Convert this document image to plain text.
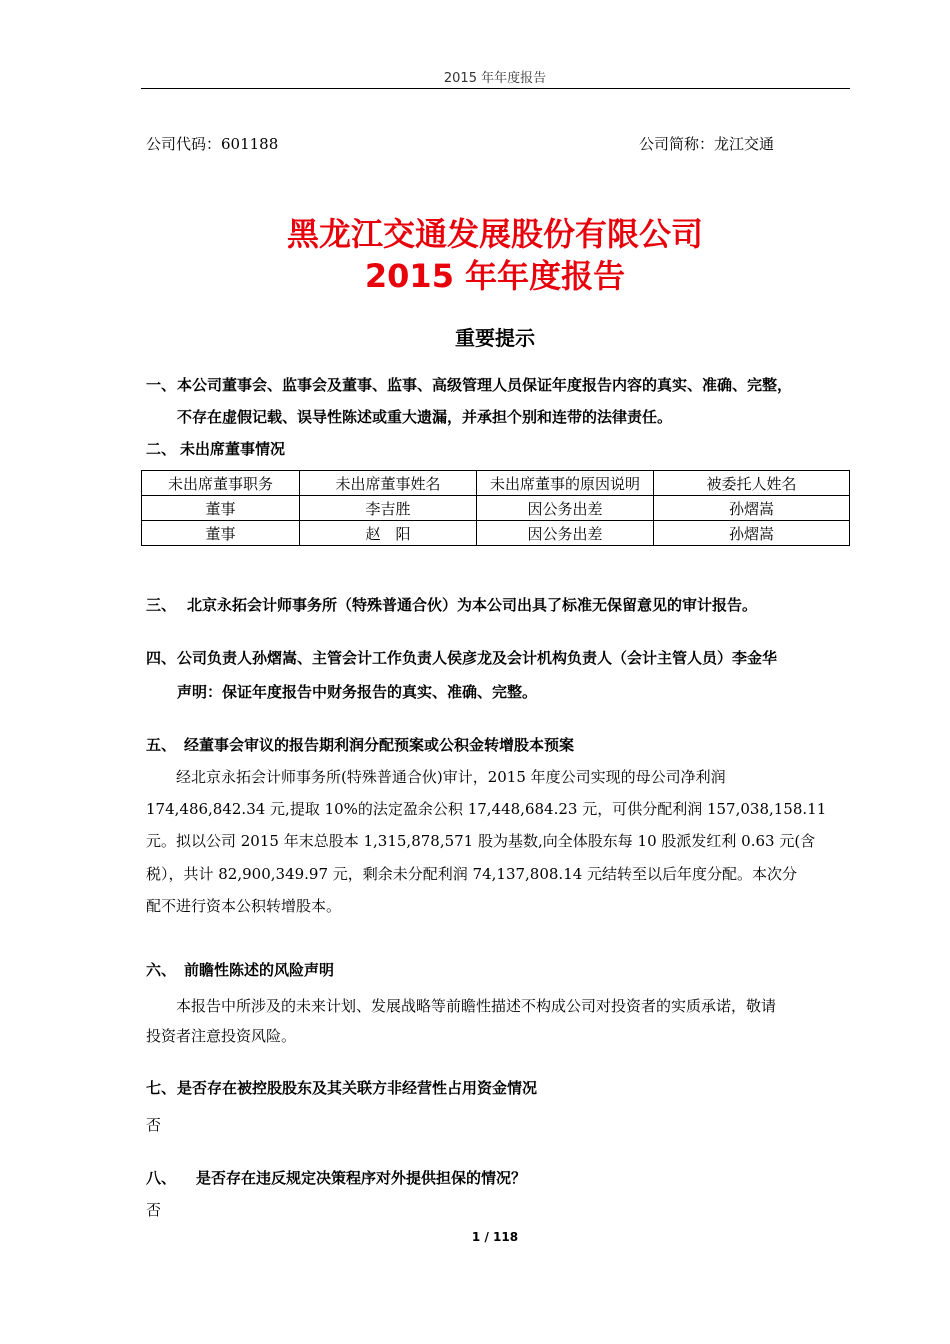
2015 年年度报告
公司代码：601188	公司简称：龙江交通
黑龙江交通发展股份有限公司
2015 年年度报告
重要提示
一、 本公司董事会、监事会及董事、监事、高级管理人员保证年度报告内容的真实、准确、完整，
不存在虚假记载、误导性陈述或重大遗漏，并承担个别和连带的法律责任。
二、 未出席董事情况
未出席董事职务	未出席董事姓名	未出席董事的原因说明	被委托人姓名
董事	李吉胜	因公务出差	孙熠嵩
董事	赵　阳	因公务出差	孙熠嵩
三、 北京永拓会计师事务所（特殊普通合伙）为本公司出具了标准无保留意见的审计报告。
四、 公司负责人孙熠嵩、主管会计工作负责人侯彦龙及会计机构负责人（会计主管人员）李金华
声明：保证年度报告中财务报告的真实、准确、完整。
五、 经董事会审议的报告期利润分配预案或公积金转增股本预案
经北京永拓会计师事务所(特殊普通合伙)审计，2015 年度公司实现的母公司净利润
174,486,842.34 元,提取 10%的法定盈余公积 17,448,684.23 元，可供分配利润 157,038,158.11
元。拟以公司 2015 年末总股本 1,315,878,571 股为基数,向全体股东每 10 股派发红利 0.63 元(含
税），共计 82,900,349.97 元，剩余未分配利润 74,137,808.14 元结转至以后年度分配。本次分
配不进行资本公积转增股本。
六、 前瞻性陈述的风险声明
本报告中所涉及的未来计划、发展战略等前瞻性描述不构成公司对投资者的实质承诺，敬请
投资者注意投资风险。
七、 是否存在被控股股东及其关联方非经营性占用资金情况
否
八、 是否存在违反规定决策程序对外提供担保的情况？
否
1 / 118
